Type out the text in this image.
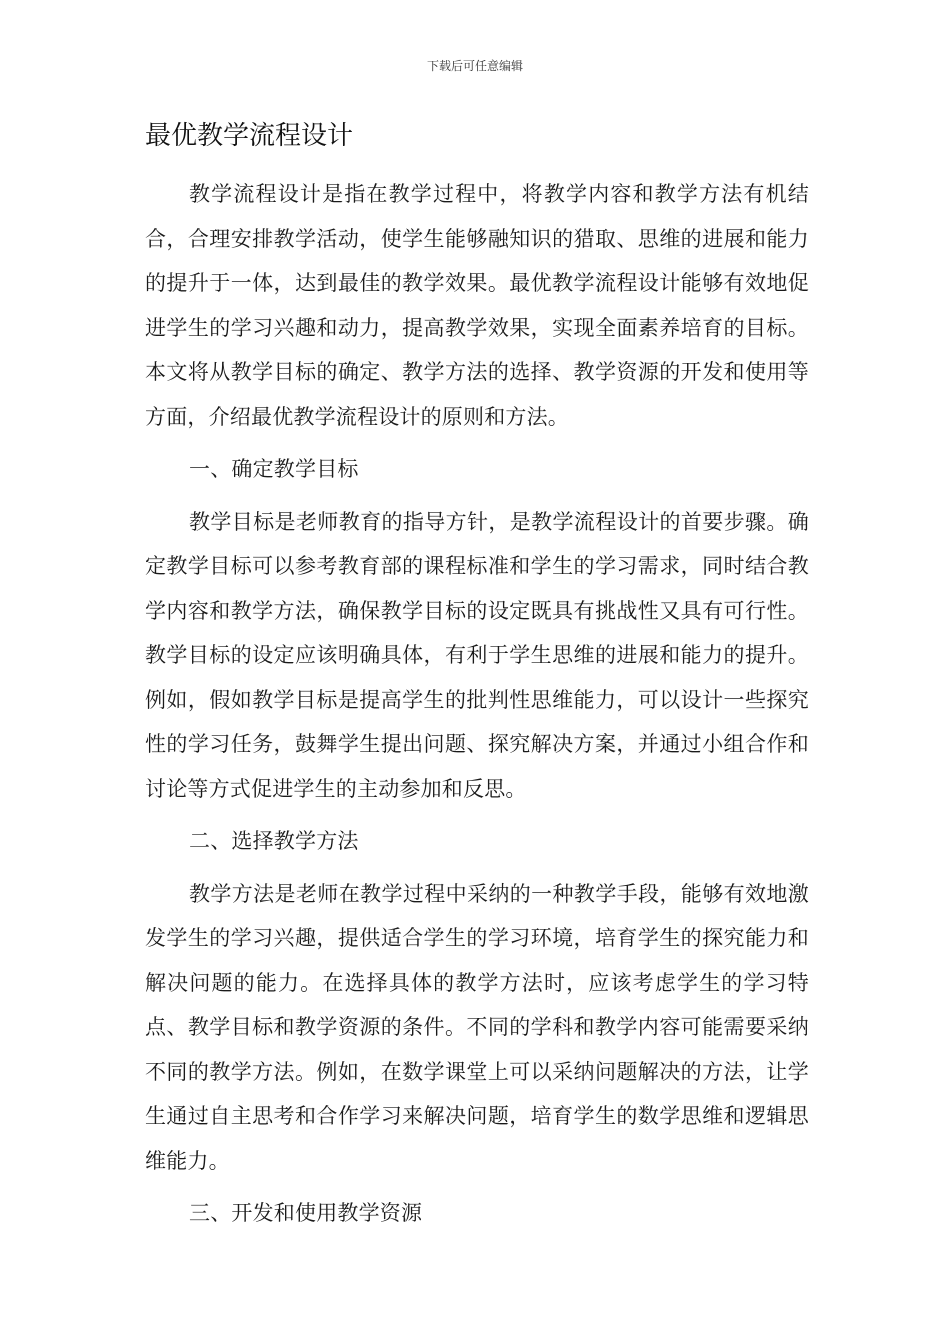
下载后可任意编辑
最优教学流程设计

教学流程设计是指在教学过程中，将教学内容和教学方法有机结合，合理安排教学活动，使学生能够融知识的猎取、思维的进展和能力的提升于一体，达到最佳的教学效果。最优教学流程设计能够有效地促进学生的学习兴趣和动力，提高教学效果，实现全面素养培育的目标。本文将从教学目标的确定、教学方法的选择、教学资源的开发和使用等方面，介绍最优教学流程设计的原则和方法。

一、确定教学目标

教学目标是老师教育的指导方针，是教学流程设计的首要步骤。确定教学目标可以参考教育部的课程标准和学生的学习需求，同时结合教学内容和教学方法，确保教学目标的设定既具有挑战性又具有可行性。教学目标的设定应该明确具体，有利于学生思维的进展和能力的提升。例如，假如教学目标是提高学生的批判性思维能力，可以设计一些探究性的学习任务，鼓舞学生提出问题、探究解决方案，并通过小组合作和讨论等方式促进学生的主动参加和反思。

二、选择教学方法

教学方法是老师在教学过程中采纳的一种教学手段，能够有效地激发学生的学习兴趣，提供适合学生的学习环境，培育学生的探究能力和解决问题的能力。在选择具体的教学方法时，应该考虑学生的学习特点、教学目标和教学资源的条件。不同的学科和教学内容可能需要采纳不同的教学方法。例如，在数学课堂上可以采纳问题解决的方法，让学生通过自主思考和合作学习来解决问题，培育学生的数学思维和逻辑思维能力。

三、开发和使用教学资源
